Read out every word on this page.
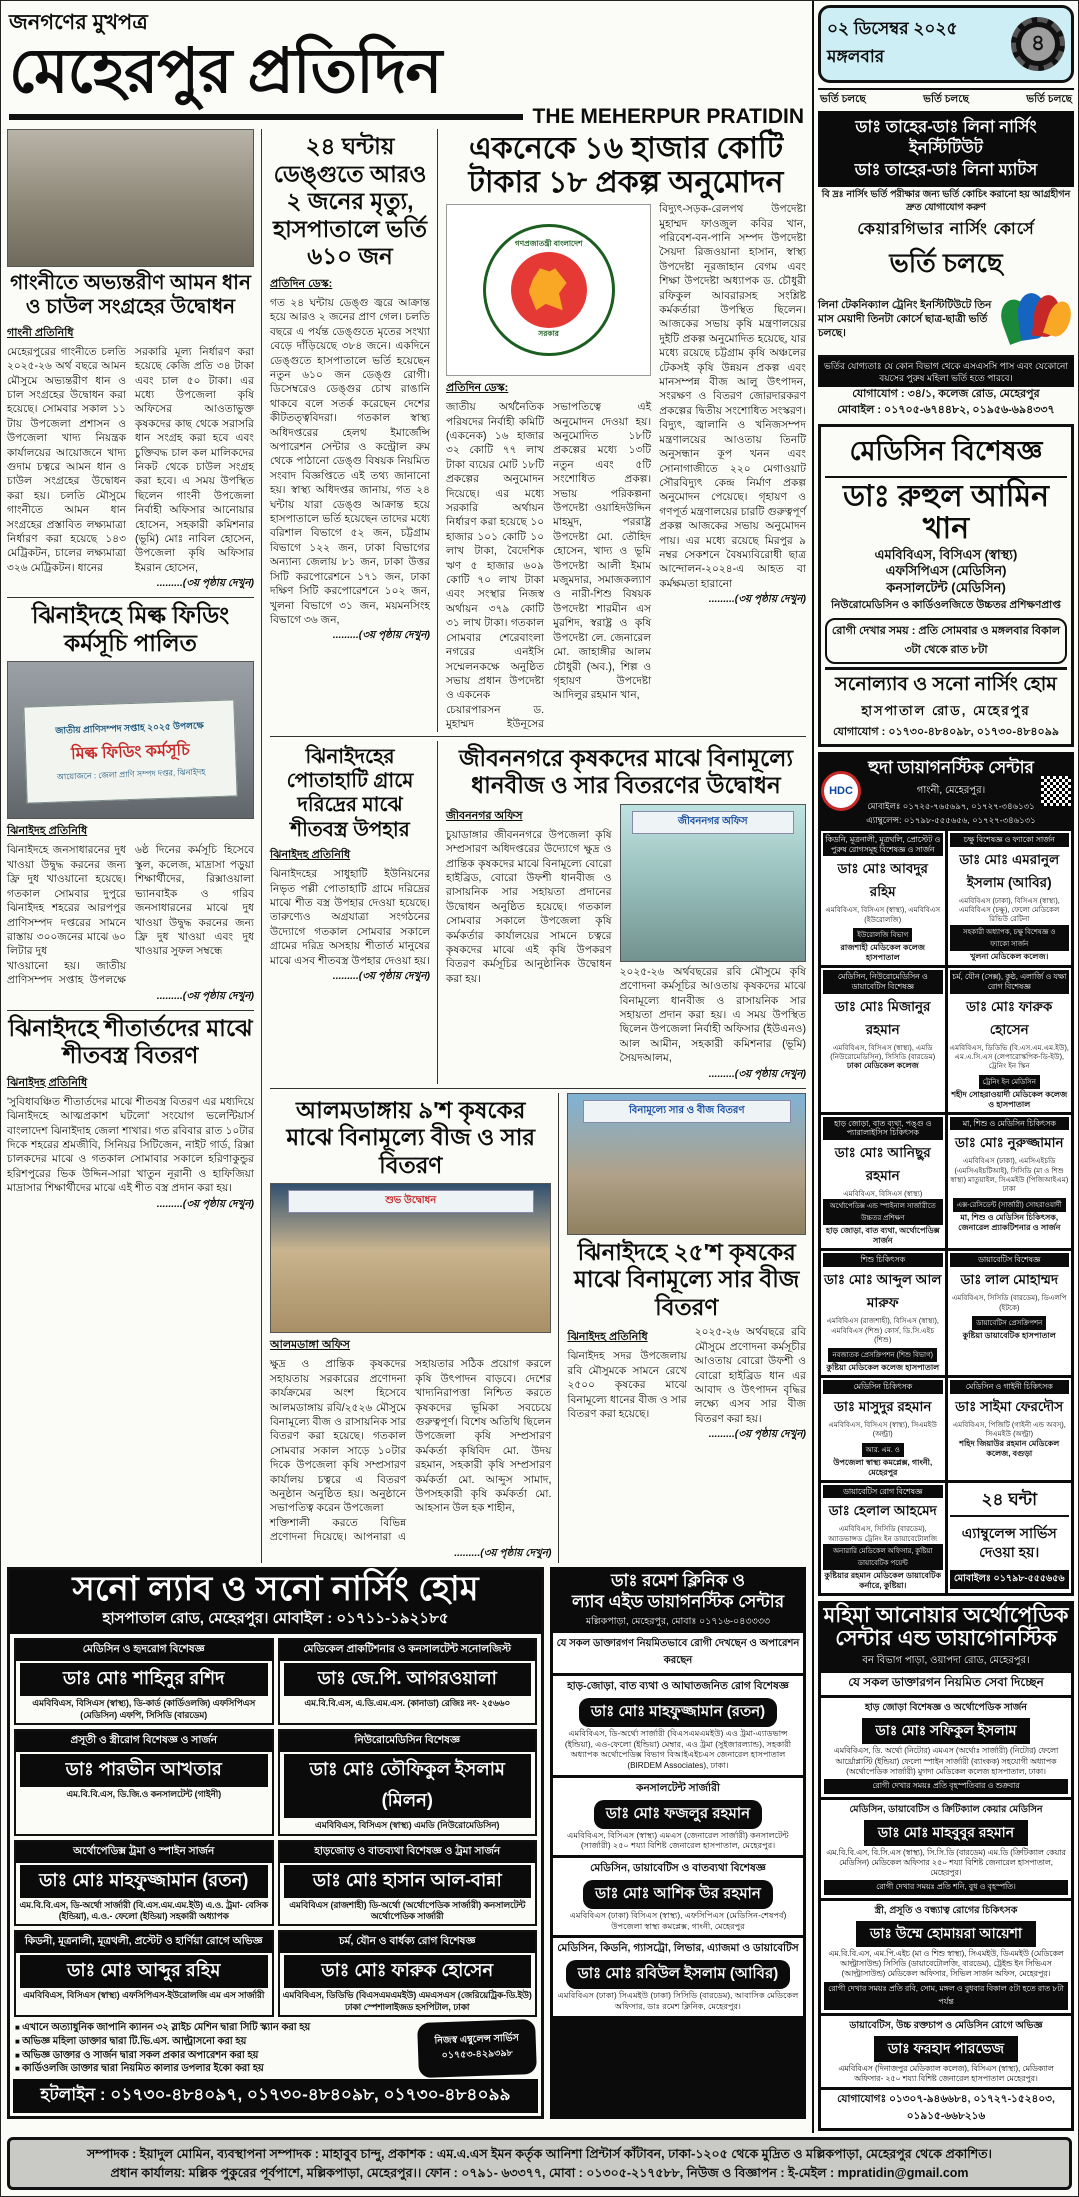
জনগণের মুখপত্র
মেহেরপুর প্রতিদিন
THE MEHERPUR PRATIDIN
গাংনীতে অভ্যন্তরীণ আমন ধান ও চাউল সংগ্রহের উদ্বোধন
গাংনী প্রতিনিধি
মেহেরপুরের গাংনীতে চলতি ২০২৫-২৬ অর্থ বছরে আমন মৌসুমে অভ্যন্তরীণ ধান ও চাল সংগ্রহের উদ্বোধন করা হয়েছে। সোমবার সকাল ১১ টায় উপজেলা প্রশাসন ও উপজেলা খাদ্য নিয়ন্ত্রক কার্যালয়ের আয়োজনে খাদ্য গুদাম চত্বরে আমন ধান ও চাউল সংগ্রহের উদ্বোধন করা হয়। চলতি মৌসুমে গাংনীতে আমন ধান সংগ্রহের প্রস্তাবিত লক্ষ্যমাত্রা নির্ধারণ করা হয়েছে ১৪৩ মেট্রিকটন, চালের লক্ষ্যমাত্রা ৩২৬ মেট্রিকটন। ধানের
সরকারি মূল্য নির্ধারণ করা হয়েছে কেজি প্রতি ৩৪ টাকা এবং চাল ৫০ টাকা। এর মধ্যে উপজেলা কৃষি অফিসের আওতাভুক্ত কৃষকদের কাছ থেকে সরাসরি ধান সংগ্রহ করা হবে এবং চুক্তিবদ্ধ চাল কল মালিকদের নিকট থেকে চাউল সংগ্রহ করা হবে। এ সময় উপস্থিত ছিলেন গাংনী উপজেলা নির্বাহী অফিসার আনোয়ার হোসেন, সহকারী কমিশনার (ভূমি) মোঃ নাবিল হোসেন, উপজেলা কৃষি অফিসার ইমরান হোসেন,
.........(৩য় পৃষ্ঠায় দেখুন)
ঝিনাইদহে মিল্ক ফিডিং কর্মসূচি পালিত
জাতীয় প্রাণিসম্পদ সপ্তাহ ২০২৫ উপলক্ষে
মিল্ক ফিডিং কর্মসূচি
আয়োজনে : জেলা প্রাণি সম্পদ দপ্তর, ঝিনাইদহ
ঝিনাইদহ প্রতিনিধি
ঝিনাইদহে জনসাধারনের দুধ খাওয়া উদ্বুদ্ধ করনের জন্য ফ্রি দুধ খাওয়ানো হয়েছে। গতকাল সোমবার দুপুরে ঝিনাইদহ শহরের আরপপুর প্রাণিসম্পদ দপ্তরের সামনে রাস্তায় ৩০০জনের মাঝে ৬০ লিটার দুধ
খাওয়ানো হয়। জাতীয় প্রাণিসম্পদ সপ্তাহ উপলক্ষে ৬ষ্ঠ দিনের কর্মসূচি হিসেবে স্কুল, কলেজ, মাদ্রাসা পড়ুয়া শিক্ষার্থীদের, রিক্সাওয়ালা ভ্যানবাইক ও গরিব জনসাধারনের মাঝে দুধ খাওয়া উদ্বুদ্ধ করনের জন্য ফ্রি দুধ খাওয়া এবং দুধ খাওয়ার সুফল সম্বন্ধে
.........(৩য় পৃষ্ঠায় দেখুন)
ঝিনাইদহে শীতার্তদের মাঝে শীতবস্ত্র বিতরণ
ঝিনাইদহ প্রতিনিধি
'সুবিধাবঞ্চিত শীতার্তদের মাঝে শীতবস্ত্র বিতরণ এর মধ্যদিয়ে ঝিনাইদহে আত্মপ্রকাশ ঘটলো' সংযোগ ভলেন্টিয়ার্স বাংলাদেশ ঝিনাইদাহ জেলা শাখার। গত রবিবার রাত ১০টার দিকে শহরের শ্রমজীবি, সিনিয়র সিটিজেন, নাইট গার্ড, রিক্সা চালকদের মাঝে ও গতকাল সোমাবার সকালে হরিণাকুন্ডুর হরিশপুরের ভিক উদ্দিন-সারা খাতুন নূরানী ও হাফিজিয়া মাদ্রাসার শিক্ষার্থীদের মাঝে এই শীত বস্ত্র প্রদান করা হয়।
.........(৩য় পৃষ্ঠায় দেখুন)
২৪ ঘন্টায় ডেঙ্গুতে আরও ২ জনের মৃত্যু, হাসপাতালে ভর্তি ৬১০ জন
প্রতিদিন ডেস্ক:
গত ২৪ ঘন্টায় ডেঙ্গু জ্বরে আক্রান্ত হয়ে আরও ২ জনের প্রাণ গেল। চলতি বছরে এ পর্যন্ত ডেঙ্গুতে মৃতের সংখ্যা বেড়ে দাঁড়িয়েছে ৩৮৪ জনে। একদিনে ডেঙ্গুতে হাসপাতালে ভর্তি হয়েছেন নতুন ৬১০ জন ডেঙ্গু রোগী। ডিসেম্বরেও ডেঙ্গুর চোখ রাঙানি থাকবে বলে সতর্ক করেছেন দেশের কীটতত্ত্ববিদরা। গতকাল স্বাস্থ্য অধিদপ্তরের হেলথ ইমার্জেন্সি অপারেশন সেন্টার ও কন্ট্রোল রুম থেকে পাঠানো ডেঙ্গু বিষয়ক নিয়মিত সংবাদ বিজ্ঞপ্তিতে এই তথ্য জানানো হয়। স্বাস্থ্য অধিদপ্তর জানায়, গত ২৪ ঘন্টায় যারা ডেঙ্গু আক্রান্ত হয়ে হাসপাতালে ভর্তি হয়েছেন তাদের মধ্যে বরিশাল বিভাগে ৫২ জন, চট্টগ্রাম বিভাগে ১২২ জন, ঢাকা বিভাগের অন্যান্য জেলায় ৮১ জন, ঢাকা উত্তর সিটি করপোরেশনে ১৭১ জন, ঢাকা দক্ষিণ সিটি করপোরেশনে ১০২ জন, খুলনা বিভাগে ৩১ জন, ময়মনসিংহ বিভাগে ৩৬ জন,
.........(৩য় পৃষ্ঠায় দেখুন)
একনেকে ১৬ হাজার কোটি টাকার ১৮ প্রকল্প অনুমোদন
গণপ্রজাতন্ত্রী বাংলাদেশ
সরকার
প্রতিদিন ডেস্ক:
জাতীয় অর্থনৈতিক পরিষদের নির্বাহী কমিটি (একনেক) ১৬ হাজার ৩২ কোটি ৭৭ লাখ টাকা ব্যয়ের মোট ১৮টি প্রকল্পের অনুমোদন দিয়েছে। এর মধ্যে সরকারি অর্থায়ন নির্ধারণ করা হয়েছে ১০ হাজার ১০১ কোটি ১০ লাখ টাকা, বৈদেশিক ঋণ ৫ হাজার ৬০৯ কোটি ৭০ লাখ টাকা এবং সংস্থার নিজস্ব অর্থায়ন ৩৭৯ কোটি ৩১ লাখ টাকা। গতকাল সোমবার শেরেবাংলা নগরের এনইসি সম্মেলনকক্ষে অনুষ্ঠিত সভায় প্রধান উপদেষ্টা ও একনেক
চেয়ারপারসন ড. মুহাম্মদ ইউনূসের সভাপতিত্বে এই অনুমোদন দেওয়া হয়। অনুমোদিত ১৮টি প্রকল্পের মধ্যে ১৩টি নতুন এবং ৫টি সংশোধিত প্রকল্প। সভায় পরিকল্পনা উপদেষ্টা ওয়াহিদউদ্দিন মাহমুদ, পররাষ্ট্র উপদেষ্টা মো. তৌহিদ হোসেন, খাদ্য ও ভূমি উপদেষ্টা আলী ইমাম মজুমদার, সমাজকল্যাণ ও নারী-শিশু বিষয়ক উপদেষ্টা শারমীন এস মুরশিদ, স্বরাষ্ট্র ও কৃষি উপদেষ্টা লে. জেনারেল মো. জাহাঙ্গীর আলম চৌধুরী (অব.), শিল্প ও গৃহায়ণ উপদেষ্টা আদিলুর রহমান খান,
বিদ্যুৎ-সড়ক-রেলপথ উপদেষ্টা মুহাম্মদ ফাওজুল কবির খান, পরিবেশ-বন-পানি সম্পদ উপদেষ্টা সৈয়দা রিজওয়ানা হাসান, স্বাস্থ্য উপদেষ্টা নূরজাহান বেগম এবং শিক্ষা উপদেষ্টা অধ্যাপক ড. চৌধুরী রফিকুল আবরারসহ সংশ্লিষ্ট কর্মকর্তারা উপস্থিত ছিলেন। আজকের সভায় কৃষি মন্ত্রণালয়ের দুইটি প্রকল্প অনুমোদিত হয়েছে, যার মধ্যে রয়েছে চট্টগ্রাম কৃষি অঞ্চলের টেকসই কৃষি উন্নয়ন প্রকল্প এবং মানসম্পন্ন বীজ আলু উৎপাদন, সংরক্ষণ ও বিতরণ জোরদারকরণ প্রকল্পের দ্বিতীয় সংশোধিত সংস্করণ। বিদ্যুৎ, জ্বালানি ও খনিজসম্পদ মন্ত্রণালয়ের আওতায় তিনটি অনুসন্ধান কূপ খনন এবং সোনাগাজীতে ২২০ মেগাওয়াট সৌরবিদ্যুৎ কেন্দ্র নির্মাণ প্রকল্প অনুমোদন পেয়েছে। গৃহায়ণ ও গণপূর্ত মন্ত্রণালয়ের চারটি গুরুত্বপূর্ণ প্রকল্প আজকের সভায় অনুমোদন পায়। এর মধ্যে রয়েছে মিরপুর ৯ নম্বর সেকশনে বৈষম্যবিরোধী ছাত্র আন্দোলন-২০২৪-এ আহত বা কর্মক্ষমতা হারানো
.........(৩য় পৃষ্ঠায় দেখুন)
ঝিনাইদহের পোতাহাটি গ্রামে দরিদ্রের মাঝে শীতবস্ত্র উপহার
ঝিনাইদহ প্রতিনিধি
ঝিনাইদহের সাধুহাটি ইউনিয়নের নিভৃত পল্লী পোতাহাটি গ্রামে দরিদ্রের মাঝে শীত বস্ত্র উপহার দেওয়া হয়েছে। তারুণ্যেও অগ্রযাত্রা সংগঠনের উদ্যোগে গতকাল সোমবার সকালে গ্রামের দরিদ্র অসহায় শীতার্ত মানুষের মাঝে এসব শীতবস্ত্র উপহার দেওয়া হয়।
.........(৩য় পৃষ্ঠায় দেখুন)
জীবননগরে কৃষকদের মাঝে বিনামূল্যে ধানবীজ ও সার বিতরণের উদ্বোধন
জীবননগর অফিস
চুয়াডাঙ্গার জীবননগরে উপজেলা কৃষি সম্প্রসারণ অধিদপ্তরের উদ্যোগে ক্ষুদ্র ও প্রান্তিক কৃষকদের মাঝে বিনামূল্যে বোরো হাইব্রিড, বোরো উফশী ধানবীজ ও রাসায়নিক সার সহায়তা প্রদানের উদ্বোধন অনুষ্ঠিত হয়েছে। গতকাল সোমবার সকালে উপজেলা কৃষি কর্মকর্তার কার্যালয়ের সামনে চত্বরে কৃষকদের মাঝে এই কৃষি উপকরণ বিতরণ কর্মসূচির আনুষ্ঠানিক উদ্বোধন করা হয়।
জীবননগর অফিস
২০২৫-২৬ অর্থবছরের রবি মৌসুমে কৃষি প্রণোদনা কর্মসূচির আওতায় কৃষকদের মাঝে বিনামূল্যে ধানবীজ ও রাসায়নিক সার সহায়তা প্রদান করা হয়। এ সময় উপস্থিত ছিলেন উপজেলা নির্বাহী অফিসার (ইউএনও) আল আমীন, সহকারী কমিশনার (ভূমি) সৈয়দআলম,
.........(৩য় পৃষ্ঠায় দেখুন)
আলমডাঙ্গায় ৯'শ কৃষকের মাঝে বিনামূল্যে বীজ ও সার বিতরণ
শুভ উদ্বোধন
আলমডাঙ্গা অফিস
ক্ষুদ্র ও প্রান্তিক কৃষকদের সহায়তায় সরকারের প্রণোদনা কার্যক্রমের অংশ হিসেবে আলমডাঙ্গায় রবি/২৫২৬ মৌসুমে বিনামূল্যে বীজ ও রাসায়নিক সার বিতরণ করা হয়েছে। গতকাল সোমবার সকাল সাড়ে ১০টার দিকে উপজেলা কৃষি সম্প্রসারণ কার্যালয় চত্বরে এ বিতরণ অনুষ্ঠান অনুষ্ঠিত হয়। অনুষ্ঠানে সভাপতিত্ব করেন উপজেলা
শক্তিশালী করতে বিভিন্ন প্রণোদনা দিয়েছে। আপনারা এ সহায়তার সঠিক প্রয়োগ করলে কৃষি উৎপাদন বাড়বে। দেশের খাদ্যনিরাপত্তা নিশ্চিত করতে কৃষকদের ভূমিকা সবচেয়ে গুরুত্বপূর্ণ। বিশেষ অতিথি ছিলেন উপজেলা কৃষি সম্প্রসারণ কর্মকর্তা কৃষিবিদ মো. উদয় রহমান, সহকারী কৃষি সম্প্রসারণ কর্মকর্তা মো. আব্দুস সামাদ, উপসহকারী কৃষি কর্মকর্তা মো. আহসান উল হক শাহীন,
.........(৩য় পৃষ্ঠায় দেখুন)
বিনামূল্যে সার ও বীজ বিতরণ
ঝিনাইদহে ২৫'শ কৃষকের মাঝে বিনামূল্যে সার বীজ বিতরণ
ঝিনাইদহ প্রতিনিধি
ঝিনাইদহ সদর উপজেলায় রবি মৌসুমকে সামনে রেখে ২৫০০ কৃষকের মাঝে বিনামূল্যে ধানের বীজ ও সার বিতরণ করা হয়েছে।
২০২৫-২৬ অর্থবছরে রবি মৌসুমে প্রণোদনা কর্মসূচীর আওতায় বোরো উফশী ও বোরো হাইব্রিড ধান এর আবাদ ও উৎপাদন বৃদ্ধির লক্ষ্যে এসব সার বীজ বিতরণ করা হয়।
.........(৩য় পৃষ্ঠায় দেখুন)
সনো ল্যাব ও সনো নার্সিং হোম
হাসপাতাল রোড, মেহেরপুর। মোবাইল : ০১৭১১-১৯২১৮৫
মেডিসিন ও হৃদরোগ বিশেষজ্ঞ
ডাঃ মোঃ শাহিনুর রশিদ
এমবিবিএস, বিসিএস (স্বাস্থ্য), ডি-কার্ড (কার্ডিওলজি) এফসিপিএস (মেডিসিন) এফপি, সিসিডি (বারডেম)
মেডিকেল প্রাকটিশনার ও কনসালটেন্ট সনোলজিস্ট
ডাঃ জে.পি. আগরওয়ালা
এম.বি.বি.এস, এ.ডি.এম.এস. (কানাডা) রেজিঃ নং- ২৫৬৬০
প্রসূতী ও স্ত্রীরোগ বিশেষজ্ঞ ও সার্জন
ডাঃ পারভীন আখতার
এম.বি.বি.এস, ডি.জি.ও কনসালটেন্ট (গাইনী)
নিউরোমেডিসিন বিশেষজ্ঞ
ডাঃ মোঃ তৌফিকুল ইসলাম (মিলন)
এমবিবিএস, বিসিএস (স্বাস্থ্য) এমডি (নিউরোমেডিসিন)
অর্থোপেডিক্স ট্রমা ও স্পাইন সার্জন
ডাঃ মোঃ মাহফুজ্জামান (রতন)
এম.বি.বি.এস, ডি-অর্থো সার্জারী (বি.এস.এম.এম.ইউ) এ.ও. ট্রমা- বেসিক (ইন্ডিয়া), এ.ও.- ফেলো (ইন্ডিয়া) সহকারী অধ্যাপক
হাড়জোড় ও বাতব্যথা বিশেষজ্ঞ ও ট্রমা সার্জন
ডাঃ মোঃ হাসান আল-বান্না
এমবিবিএস (রাজশাহী) ডি-অর্থো (অর্থোপেডিক সার্জারী) কনসালটেন্ট অর্থোপেডিক সার্জারী
কিডনী, মূত্রনালী, মূত্রথলী, প্রস্টেট ও হার্ণিয়া রোগে অভিজ্ঞ
ডাঃ মোঃ আব্দুর রহিম
এমবিবিএস, বিসিএস (স্বাস্থ্য) এফসিপিএস-ইউরোলজি এম এস সার্জারী
চর্ম, যৌন ও বার্ধক্য রোগ বিশেষজ্ঞ
ডাঃ মোঃ ফারুক হোসেন
এমবিবিএস, ডিডিভি (বিএসএমএমইউ) এমএসএস (জেরিয়েট্রিক-ডি.ইউ) ঢাকা স্পেশালাইজড হসপিটাল, ঢাকা
■ এখানে অত্যাধুনিক জাপানি ক্যানন ৩২ স্লাইচ মেশিন দ্বারা সিটি স্ক্যান করা হয়
■ অভিজ্ঞ মহিলা ডাক্তার দ্বারা টি.ভি.এস. আল্ট্রাসনো করা হয়
■ অভিজ্ঞ ডাক্তার ও সার্জন দ্বারা সকল প্রকার অপারেশন করা হয়
■ কার্ডিওলজি ডাক্তার দ্বারা নিয়মিত কালার ডপলার ইকো করা হয়
নিজস্ব এম্বুলেন্স সার্ভিস ০১৭৫৩-৪২৯৩৯৮
হটলাইন : ০১৭৩০-৪৮৪০৯৭, ০১৭৩০-৪৮৪০৯৮, ০১৭৩০-৪৮৪০৯৯
ডাঃ রমেশ ক্লিনিক ও
ল্যাব এইড ডায়াগনস্টিক সেন্টার
মল্লিকপাড়া, মেহেরপুর, মোবাঃ ০১৭১৬-০৪৩৩৩৩
যে সকল ডাক্তারগণ নিয়মিতভাবে রোগী দেখছেন ও অপারেশন করছেন
হাড়-জোড়া, বাত ব্যথা ও আঘাতজনিত রোগ বিশেষজ্ঞ
ডাঃ মোঃ মাহফুজ্জামান (রতন)
এমবিবিএস, ডি-অর্থো সার্জারী (বিএসএমএমইউ) এও ট্রমা-এ্যাডভান্স (ইন্ডিয়া), এও-ফেলো (ইন্ডিয়া) মেম্বার, এও ট্রমা (সুইজারল্যান্ড), সহকারী অধ্যাপক অর্থোপেডিক্স বিভাগ বিআইএইচএস জেনারেল হাসপাতাল (BIRDEM Associates), ঢাকা।
কনসালটেন্ট সার্জারী
ডাঃ মোঃ ফজলুর রহমান
এমবিবিএস, বিসিএস (স্বাস্থ্য) এমএস (জেনারেল সার্জারী) কনসালটেন্ট (সার্জারী) ২৫০ শয্যা বিশিষ্ট জেনারেল হাসপাতাল, মেহেরপুর।
মেডিসিন, ডায়াবেটিস ও বাতব্যথা বিশেষজ্ঞ
ডাঃ মোঃ আশিক উর রহমান
এমবিবিএস (ঢাকা) বিসিএস (স্বাস্থ্য), এফসিপিএস (মেডিসিন-শেষপর্ব) উপজেলা স্বাস্থ্য কমপ্লেক্স, গাংনী, মেহেরপুর
মেডিসিন, কিডনি, গ্যাসট্রো, লিভার, এ্যাজমা ও ডায়াবেটিস
ডাঃ মোঃ রবিউল ইসলাম (আবির)
এমবিবিএস (ঢাকা) সিএমইউ (ঢাকা) সিসিডি (বারডেম), আবাসিক মেডিকেল অফিসার, ডাঃ রমেশ ক্লিনিক, মেহেরপুর।
০২ ডিসেম্বর ২০২৫ মঙ্গলবার
৪
ভর্তি চলছে	ভর্তি চলছে	ভর্তি চলছে
ডাঃ তাহের-ডাঃ লিনা নার্সিং ইনস্টিটিউট
ডাঃ তাহের-ডাঃ লিনা ম্যাটস
বি দ্রঃ নার্সিং ভর্তি পরীক্ষার জন্য ভর্তি কোচিং করানো হয় আগ্রহীগন দ্রুত যোগাযোগ করুণ
কেয়ারগিভার নার্সিং কোর্সে
ভর্তি চলছে
লিনা টেকনিক্যাল ট্রেনিং ইনস্টিটিউটে তিন মাস মেয়াদী তিনটা কোর্সে ছাত্র-ছাত্রী ভর্তি চলছে।
ভর্তির যোগ্যতাঃ যে কোন বিভাগ থেকে এসএসসি পাস এবং যেকোনো বয়সের পুরুষ মহিলা ভর্তি হতে পারবে।
যোগাযোগ : ৩৪/১, কলেজ রোড, মেহেরপুর
মোবাইল : ০১৭০৫-৬৭৪৪৮২, ০১৯৫৬-৬৯৪৩৩৭
মেডিসিন বিশেষজ্ঞ
ডাঃ রুহুল আমিন খান
এমবিবিএস, বিসিএস (স্বাস্থ্য)
এফসিপিএস (মেডিসিন)
কনসালটেন্ট (মেডিসিন)
নিউরোমেডিসিন ও কার্ডিওলজিতে উচ্চতর প্রশিক্ষণপ্রাপ্ত
রোগী দেখার সময় : প্রতি সোমবার ও মঙ্গলবার বিকাল ৩টা থেকে রাত ৮টা
সনোল্যাব ও সনো নার্সিং হোম
হাসপাতাল রোড, মেহেরপুর
যোগাযোগ : ০১৭৩০-৪৮৪০৯৮, ০১৭৩০-৪৮৪০৯৯
HDC
হুদা ডায়াগনস্টিক সেন্টার
গাংনী, মেহেরপুর।
মোবাইলঃ ০১৭২৫-৭৬৫৬৯৭, ০১৭২৭-৩৪৬১৩১
এ্যাম্বুলেন্স: ০১৭৯৮-৫৫৫৬৫৬, ০১৭২৭-৩৪৬১৩১
কিডনি, মূত্রনালী, মূত্রথলি, প্রোস্টেট ও পুরুষ রোগসমূহ বিশেষজ্ঞ ও সার্জন
ডাঃ মোঃ আবদুর রহিম
এমবিবিএস, বিসিএস (স্বাস্থ্য), এমবিবিএস (ইউরোলজি)
ইউরোলজি বিভাগ
রাজশাহী মেডিকেল কলেজ হাসপাতাল
চক্ষু বিশেষজ্ঞ ও ফ্যাকো সার্জন
ডাঃ মোঃ এমরানুল ইসলাম (আবির)
এমবিবিএস (ঢাকা), বিসিএস (স্বাস্থ্য), এমবিবিএস (চক্ষু), ফেলো মেডিকেল রিভিউ রেটিনা
সহকারী অধ্যাপক, চক্ষু বিশেষজ্ঞ ও ফ্যাকো সার্জন
খুলনা মেডিকেল কলেজ।
মেডিসিন, নিউরোমেডিসিন ও ডায়াবেটিস বিশেষজ্ঞ
ডাঃ মোঃ মিজানুর রহমান
এমবিবিএস, বিসিএস (স্বাস্থ্য), এমডি (নিউরোমেডিসিন), সিসিডি (বারডেম)
ঢাকা মেডিকেল কলেজ
চর্ম, যৌন (সেক্স), কুষ্ঠ, এলার্জি ও যক্ষা রোগ বিশেষজ্ঞ
ডাঃ মোঃ ফারুক হোসেন
এমবিবিএস, ডিডিভি (বি.এস.এম.এম.ইউ), এম.এ.সি.এস (লেপারোস্কপিক-ডি-ইউ), ট্রেনিং ইন স্কিন
ট্রেনিং ইন মেডিসিন
শহীদ সোহরাওয়ার্দী মেডিকেল কলেজ ও হাসপাতাল
হাড় জোড়া, বাত ব্যথা, পঙ্গু ও প্যারালাইসিস চিকিৎসক
ডাঃ মোঃ আনিছুর রহমান
এমবিবিএস, বিসিএস (স্বাস্থ্য)
অর্থোপেডিক্স এন্ড স্পাইনাল সার্জারীতে উচ্চতর প্রশিক্ষণ
হাড় জোড়া, বাত ব্যথা, অর্থোপেডিক্স সার্জন
মা, শিশু ও মেডিসিন চিকিৎসক
ডাঃ মোঃ নুরুজ্জামান
এমবিবিএস (ঢাকা), এমসিএইচডি (এমসিএইচটিআই), সিসিডি (মা ও শিশু স্বাস্থ্য) মাতুয়াইল, সিএমইউ (পিজিআইএম) ঢাকা
এক্স-রেসিডেন্ট (সার্জারী) সোহরাওয়ার্দী
মা, শিশু ও মেডিসিন চিকিৎসক, জেনারেল প্র্যাকটিশনার ও সার্জন
শিশু চিকিৎসক
ডাঃ মোঃ আব্দুল আল মারুফ
এমবিবিএস (রাজশাহী), বিসিএস (স্বাস্থ্য), এমবিবিএস (শিশু) কোর্স, ডি.সি.এইচ (শিশু)
নবজাতক প্রেসক্রিপশন (শিশু বিভাগ)
কুষ্টিয়া মেডিকেল কলেজ হাসপাতাল
ডায়াবেটিস বিশেষজ্ঞ
ডাঃ লাল মোহাম্মদ
এমবিবিএস, সিসিডি (বারডেম), ডিএলপি (ইটকে)
ডায়াবেটিস প্রেসক্রিপশন
কুষ্টিয়া ডায়াবেটিক হাসপাতাল
মেডিসিন চিকিৎসক
ডাঃ মাসুদুর রহমান
এমবিবিএস, বিসিএস (স্বাস্থ্য), সিএমইউ (অল্ট্রা)
আর. এম. ও
উপজেলা স্বাস্থ্য কমপ্লেক্স, গাংনী, মেহেরপুর
মেডিসিন ও গাইনী চিকিৎসক
ডাঃ সাইমা ফেরদৌস
এমবিবিএস, পিজিটি (গাইনী এন্ড অবস্), সিএমইউ (অল্ট্রা)
শহিদ জিয়াউর রহমান মেডিকেল কলেজ, বগুড়া
ডায়াবেটিস রোগ বিশেষজ্ঞ
ডাঃ হেলাল আহমেদ
এমবিবিএস, সিসিডি (বারডেম), অ্যাডভান্সড ট্রেনিং ইন ডায়াবেটোলজি
অনারারি মেডিকেল অফিসার, কুষ্টিয়া ডায়াবেটিক পয়েন্ট
কুষ্টিয়ার রহমান মেডিকেল ডায়াবেটিক কর্নারে, কুষ্টিয়া।
২৪ ঘন্টা
এ্যাম্বুলেন্স সার্ভিস দেওয়া হয়।
মোবাইলঃ ০১৭৯৮-৫৫৫৬৫৬
মহিমা আনোয়ার অর্থোপেডিক
সেন্টার এন্ড ডায়াগোনস্টিক
বন বিভাগ পাড়া, ওয়াপদা রোড, মেহেরপুর।
যে সকল ডাক্তারগন নিয়মিত সেবা দিচ্ছেন
হাড় জোড়া বিশেষজ্ঞ ও অর্থোপেডিক সার্জন
ডাঃ মোঃ সফিকুল ইসলাম
এমবিবিএস, ডি. অর্থো (নিটোর) এমএস (অর্থোঃ সার্জারী) (নিটোর) ফেলো আর্থ্রোপ্লাস্টি (ইন্ডিয়া) ফেলো স্পাইন সার্জারী (ব্যাংকক) সহযোগী অধ্যাপক (অর্থোপেডিক সার্জারী) মুগদা মেডিকেল কলেজ হাসপাতাল, ঢাকা।
রোগী দেখার সময়ঃ প্রতি বৃহস্পতিবার ও শুক্রবার
মেডিসিন, ডায়াবেটিস ও ক্রিটিক্যাল কেয়ার মেডিসিন
ডাঃ মোঃ মাহবুবুর রহমান
এম.বি.বি.এস, বি.সি.এস (স্বাস্থ্য), সি.সি.ডি (বারডেম) এম.ডি (ক্রিটিক্যাল কেয়ার মেডিসিন) মেডিকেল অফিসার ২৫০ শয্যা বিশিষ্ট জেনারেল হাসপাতাল, মেহেরপুর।
রোগী দেখার সময়ঃ প্রতি শনি, বুধ ও বৃহস্পতি।
স্ত্রী, প্রসূতি ও বন্ধ্যাত্ব রোগের চিকিৎসক
ডাঃ উম্মে হোমায়রা আয়েশা
এম.বি.বি.এস, এম.পি.এইচ (মা ও শিশু স্বাস্থ্য), সিএমইউ, ডিএমইউ (মেডিকেল আল্ট্রাসাউন্ড) সিসিডি (ডায়াবেটোলজি, বারডেম), ট্রেইন্ড ইন সিভিএস (আল্ট্রাসাউন্ড) মেডিকেল অফিসার, সিভিল সার্জন অফিস, মেহেরপুর।
রোগী দেখার সময়ঃ প্রতি রবি, সোম, মঙ্গল ও বুধবার বিকাল ৫টা হতে রাত ৮টা পর্যন্ত
ডায়াবেটিস, উচ্চ রক্তচাপ ও মেডিসিন রোগে অভিজ্ঞ
ডাঃ ফরহাদ পারভেজ
এমবিবিএস (দিনাজপুর মেডিক্যাল কলেজ), বিসিএস (স্বাস্থ্য), মেডিক্যাল অফিসার- ২৫০ শয্যা বিশিষ্ট জেনারেল হাসপাতাল মেহেরপুর।
যোগাযোগঃ ০১৩০৭-৯৪৬৬৮৪, ০১৭২৭-১৫২৪০৩, ০১৯১৫-৬৬৮২১৬
সম্পাদক : ইয়াদুল মোমিন, ব্যবস্থাপনা সম্পাদক : মাহাবুব চান্দু, প্রকাশক : এম.এ.এস ইমন কর্তৃক আনিশা প্রিন্টার্স কাঁটাবন, ঢাকা-১২০৫ থেকে মুদ্রিত ও মল্লিকপাড়া, মেহেরপুর থেকে প্রকাশিত।
প্রধান কার্যালয়: মল্লিক পুকুরের পূর্বপাশে, মল্লিকপাড়া, মেহেরপুর।। ফোন : ০৭৯১- ৬৩৩৭৭, মোবা : ০১৩০৫-২১৭৫৮৮, নিউজ ও বিজ্ঞাপন : ই-মেইল : mpratidin@gmail.com
